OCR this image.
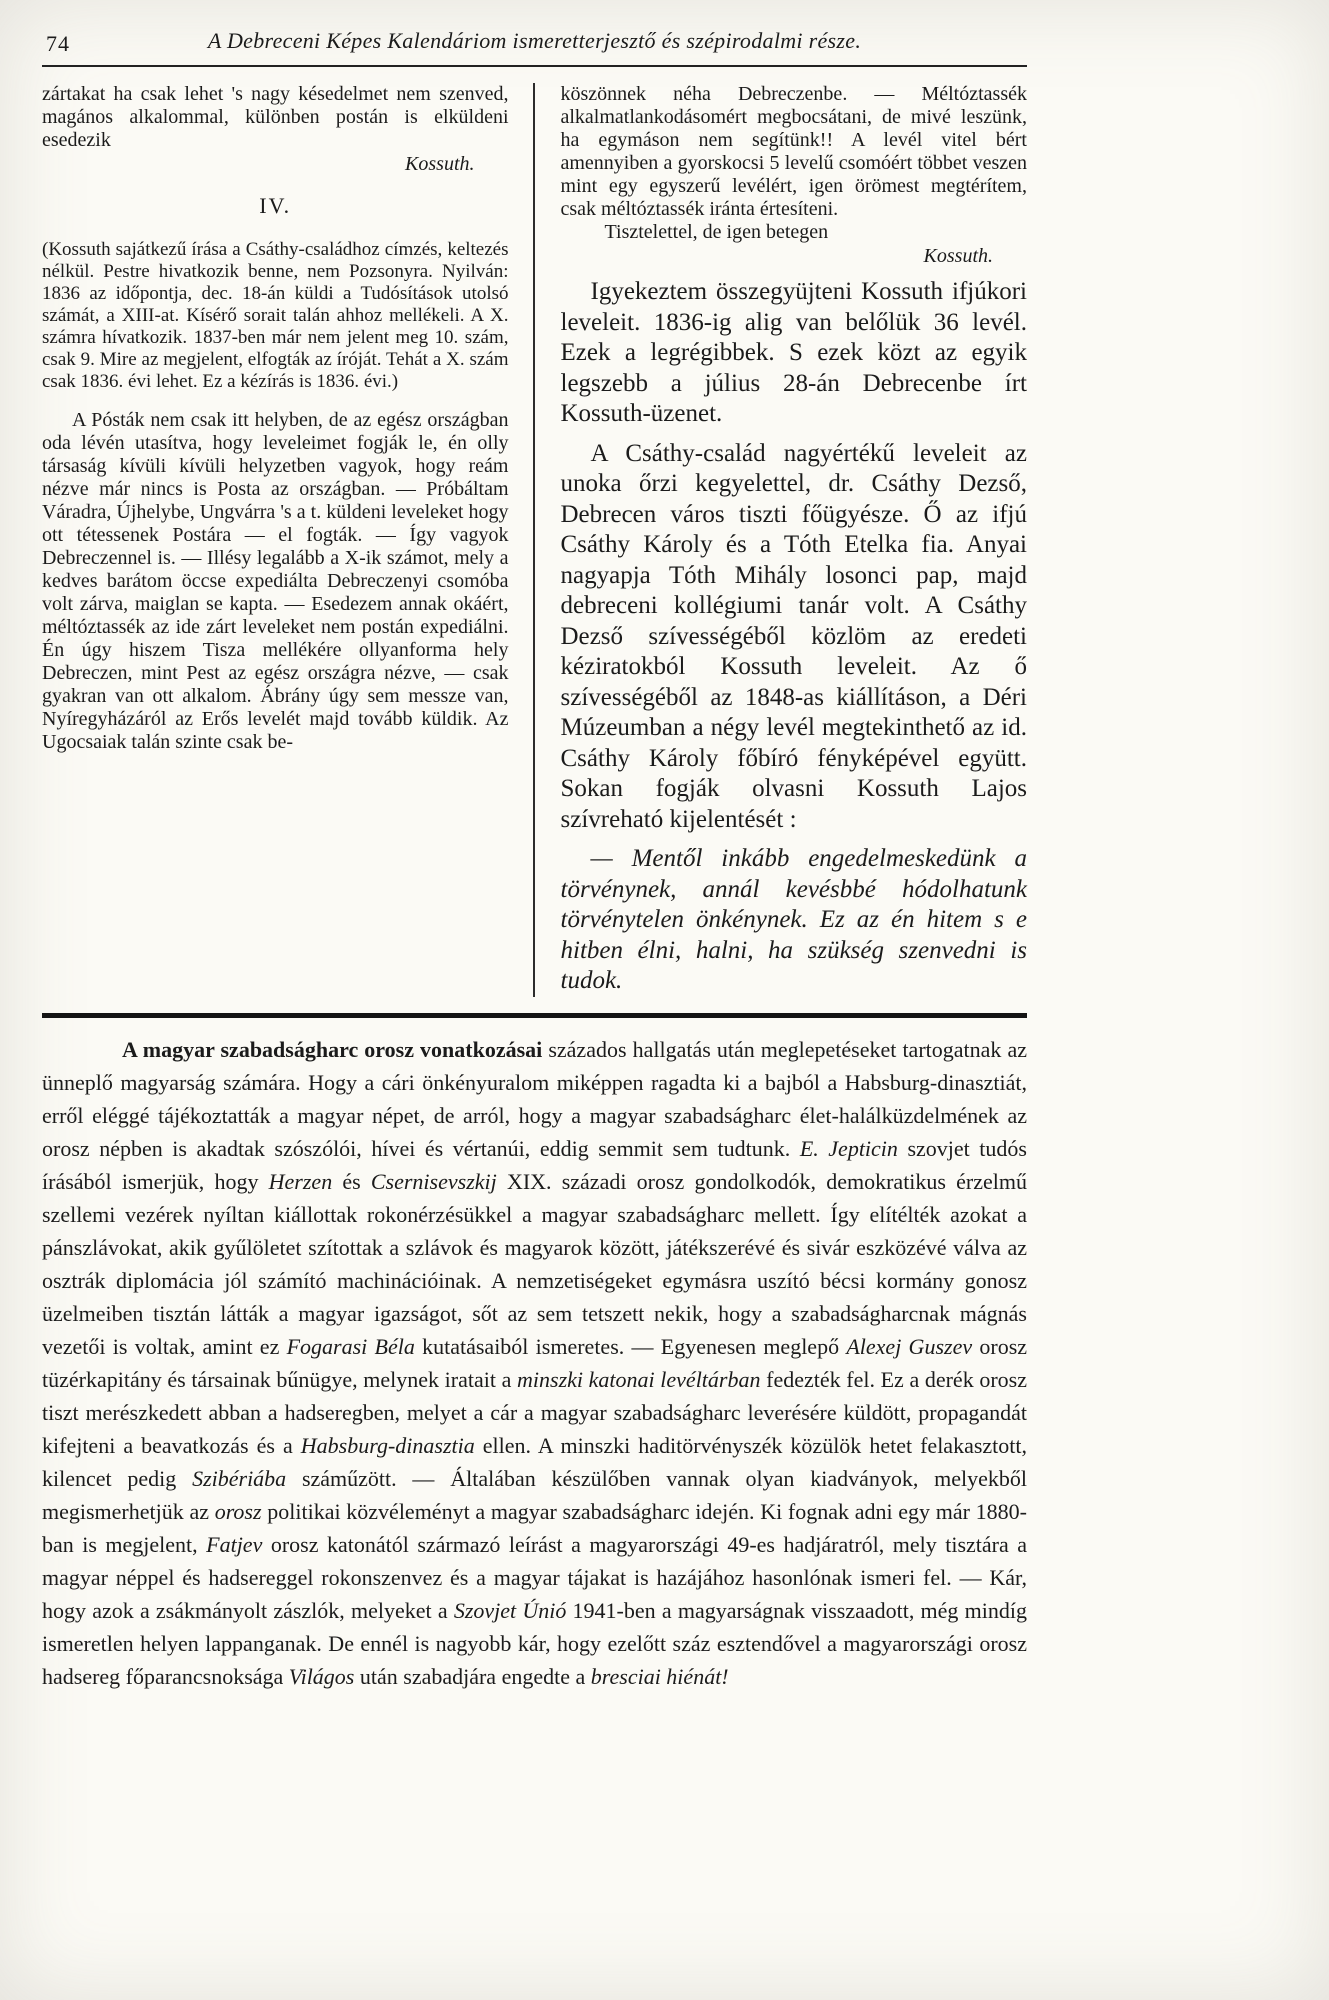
74	A Debreceni Képes Kalendáriom ismeretterjesztő és szépirodalmi része.

zártakat ha csak lehet 's nagy késedelmet nem szenved, magános alkalommal, különben postán is elküldeni esedezik

Kossuth.

IV.

(Kossuth sajátkezű írása a Csáthy-családhoz címzés, keltezés nélkül. Pestre hivatkozik benne, nem Pozsonyra. Nyilván: 1836 az időpontja, dec. 18-án küldi a Tudósítások utolsó számát, a XIII-at. Kísérő sorait talán ahhoz mellékeli. A X. számra hívatkozik. 1837-ben már nem jelent meg 10. szám, csak 9. Mire az megjelent, elfogták az íróját. Tehát a X. szám csak 1836. évi lehet. Ez a kézírás is 1836. évi.)

A Pósták nem csak itt helyben, de az egész országban oda lévén utasítva, hogy leveleimet fogják le, én olly társaság kívüli kívüli helyzetben vagyok, hogy reám nézve már nincs is Posta az országban. — Próbáltam Váradra, Újhelybe, Ungvárra 's a t. küldeni leveleket hogy ott tétessenek Postára — el fogták. — Így vagyok Debreczennel is. — Illésy legalább a X-ik számot, mely a kedves barátom öccse expediálta Debreczenyi csomóba volt zárva, maiglan se kapta. — Esedezem annak okáért, méltóztassék az ide zárt leveleket nem postán expediálni. Én úgy hiszem Tisza mellékére ollyanforma hely Debreczen, mint Pest az egész országra nézve, — csak gyakran van ott alkalom. Ábrány úgy sem messze van, Nyíregyházáról az Erős levelét majd tovább küldik. Az Ugocsaiak talán szinte csak be-

köszönnek néha Debreczenbe. — Méltóztassék alkalmatlankodásomért megbocsátani, de mivé leszünk, ha egymáson nem segítünk!! A levél vitel bért amennyiben a gyorskocsi 5 levelű csomóért többet veszen mint egy egyszerű levélért, igen örömest megtérítem, csak méltóztassék iránta értesíteni.

Tisztelettel, de igen betegen

Kossuth.

Igyekeztem összegyüjteni Kossuth ifjúkori leveleit. 1836-ig alig van belőlük 36 levél. Ezek a legrégibbek. S ezek közt az egyik legszebb a július 28-án Debrecenbe írt Kossuth-üzenet.

A Csáthy-család nagyértékű leveleit az unoka őrzi kegyelettel, dr. Csáthy Dezső, Debrecen város tiszti főügyésze. Ő az ifjú Csáthy Károly és a Tóth Etelka fia. Anyai nagyapja Tóth Mihály losonci pap, majd debreceni kollégiumi tanár volt. A Csáthy Dezső szívességéből közlöm az eredeti kéziratokból Kossuth leveleit. Az ő szívességéből az 1848-as kiállításon, a Déri Múzeumban a négy levél megtekinthető az id. Csáthy Károly főbíró fényképével együtt. Sokan fogják olvasni Kossuth Lajos szívreható kijelentését :

— Mentől inkább engedelmeskedünk a törvénynek, annál kevésbbé hódolhatunk törvénytelen önkénynek. Ez az én hitem s e hitben élni, halni, ha szükség szenvedni is tudok.

A magyar szabadságharc orosz vonatkozásai százados hallgatás után meglepetéseket tartogatnak az ünneplő magyarság számára. Hogy a cári önkényuralom miképpen ragadta ki a bajból a Habsburg-dinasztiát, erről eléggé tájékoztatták a magyar népet, de arról, hogy a magyar szabadságharc élet-halálküzdelmének az orosz népben is akadtak szószólói, hívei és vértanúi, eddig semmit sem tudtunk. E. Jepticin szovjet tudós írásából ismerjük, hogy Herzen és Csernisevszkij XIX. századi orosz gondolkodók, demokratikus érzelmű szellemi vezérek nyíltan kiállottak rokonérzésükkel a magyar szabadságharc mellett. Így elítélték azokat a pánszlávokat, akik gyűlöletet szítottak a szlávok és magyarok között, játékszerévé és sivár eszközévé válva az osztrák diplomácia jól számító machinációinak. A nemzetiségeket egymásra uszító bécsi kormány gonosz üzelmeiben tisztán látták a magyar igazságot, sőt az sem tetszett nekik, hogy a szabadságharcnak mágnás vezetői is voltak, amint ez Fogarasi Béla kutatásaiból ismeretes. — Egyenesen meglepő Alexej Guszev orosz tüzérkapitány és társainak bűnügye, melynek iratait a minszki katonai levéltárban fedezték fel. Ez a derék orosz tiszt merészkedett abban a hadseregben, melyet a cár a magyar szabadságharc leverésére küldött, propagandát kifejteni a beavatkozás és a Habsburg-dinasztia ellen. A minszki haditörvényszék közülök hetet felakasztott, kilencet pedig Szibériába száműzött. — Általában készülőben vannak olyan kiadványok, melyekből megismerhetjük az orosz politikai közvéleményt a magyar szabadságharc idején. Ki fognak adni egy már 1880-ban is megjelent, Fatjev orosz katonától származó leírást a magyarországi 49-es hadjáratról, mely tisztára a magyar néppel és hadsereggel rokonszenvez és a magyar tájakat is hazájához hasonlónak ismeri fel. — Kár, hogy azok a zsákmányolt zászlók, melyeket a Szovjet Únió 1941-ben a magyarságnak visszaadott, még mindíg ismeretlen helyen lappanganak. De ennél is nagyobb kár, hogy ezelőtt száz esztendővel a magyarországi orosz hadsereg főparancsnoksága Világos után szabadjára engedte a bresciai hiénát!
